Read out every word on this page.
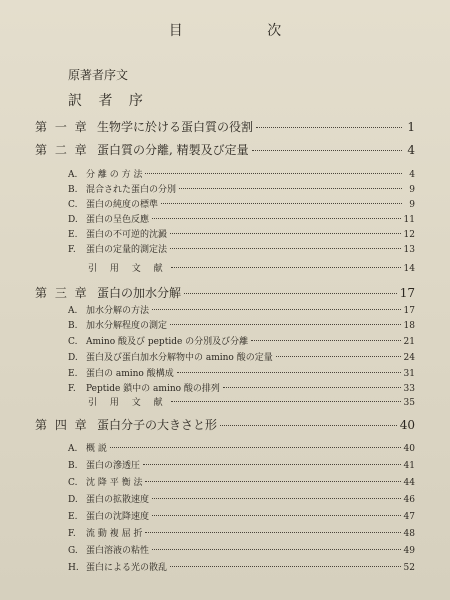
目 次
原著者序文
訳 者 序
第 一 章 生物学に於ける蛋白質の役割	1
第 二 章 蛋白質の分離, 精製及び定量	4
A. 分 離 の 方 法	4
B. 混合された蛋白の分別	9
C. 蛋白の純度の標準	9
D. 蛋白の呈色反應	11
E. 蛋白の不可逆的沈澱	12
F. 蛋白の定量的測定法	13
引 用 文 献	14
第 三 章 蛋白の加水分解	17
A. 加水分解の方法	17
B. 加水分解程度の測定	18
C. Amino 酸及び peptide の分別及び分離	21
D. 蛋白及び蛋白加水分解物中の amino 酸の定量	24
E. 蛋白の amino 酸構成	31
F. Peptide 鎖中の amino 酸の排列	33
引 用 文 献	35
第 四 章 蛋白分子の大きさと形	40
A. 概 説	40
B. 蛋白の滲透圧	41
C. 沈 降 平 衡 法	44
D. 蛋白の拡散速度	46
E. 蛋白の沈降速度	47
F. 流 動 複 屈 折	48
G. 蛋白溶液の粘性	49
H. 蛋白による光の散乱	52
